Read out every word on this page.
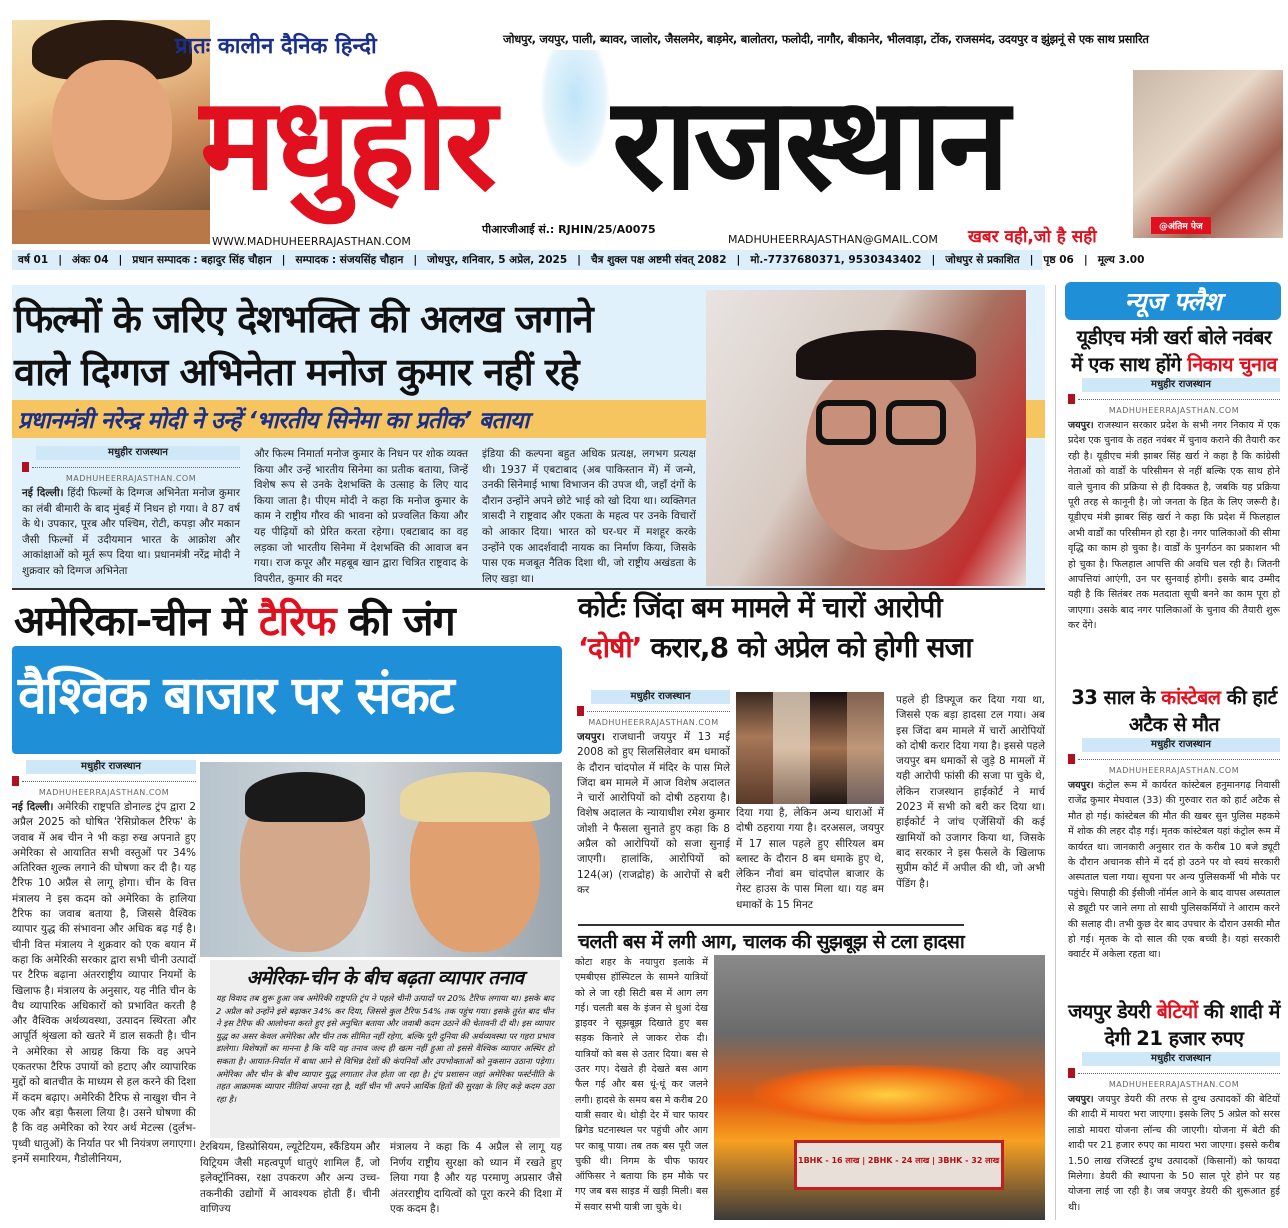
प्रातः कालीन दैनिक हिन्दी	जोधपुर, जयपुर, पाली, ब्यावर, जालोर, जैसलमेर, बाड़मेर, बालोतरा, फलोदी, नागौर, बीकानेर, भीलवाड़ा, टोंक, राजसमंद, उदयपुर व झुंझनूं से एक साथ प्रसारित
मधुहीर राजस्थान
@अंतिम पेज
पीआरजीआई सं.: RJHIN/25/A0075
WWW.MADHUHEERRAJASTHAN.COM	MADHUHEERRAJASTHAN@GMAIL.COM खबर वही,जो है सही
वर्ष 01 | अंकः 04 | प्रधान सम्पादक : बहादुर सिंह चौहान | सम्पादक : संजयसिंह चौहान | जोधपुर, शनिवार, 5 अप्रेल, 2025 | चैत्र शुक्ल पक्ष अष्टमी संवत् 2082 | मो.-7737680371, 9530343402 | जोधपुर से प्रकाशित | पृष्ठ 06 | मूल्य 3.00
फिल्मों के जरिए देशभक्ति की अलख जगाने
वाले दिग्गज अभिनेता मनोज कुमार नहीं रहे
प्रधानमंत्री नरेन्द्र मोदी ने उन्हें ‘भारतीय सिनेमा का प्रतीक’ बताया
मधुहीर राजस्थान
MADHUHEERRAJASTHAN.COM
नई दिल्ली। हिंदी फिल्मों के दिग्गज अभिनेता मनोज कुमार का लंबी बीमारी के बाद मुंबई में निधन हो गया। वे 87 वर्ष के थे। उपकार, पूरब और पश्चिम, रोटी, कपड़ा और मकान जैसी फिल्मों में उदीयमान भारत के आक्रोश और आकांक्षाओं को मूर्त रूप दिया था। प्रधानमंत्री नरेंद्र मोदी ने शुक्रवार को दिग्गज अभिनेता
और फिल्म निमार्ता मनोज कुमार के निधन पर शोक व्यक्त किया और उन्हें भारतीय सिनेमा का प्रतीक बताया, जिन्हें विशेष रूप से उनके देशभक्ति के उत्साह के लिए याद किया जाता है। पीएम मोदी ने कहा कि मनोज कुमार के काम ने राष्ट्रीय गौरव की भावना को प्रज्वलित किया और यह पीढ़ियों को प्रेरित करता रहेगा। एबटाबाद का वह लड़का जो भारतीय सिनेमा में देशभक्ति की आवाज बन गया। राज कपूर और महबूब खान द्वारा चित्रित राष्ट्रवाद के विपरीत, कुमार की मदर
इंडिया की कल्पना बहुत अधिक प्रत्यक्ष, लगभग प्रत्यक्ष थी। 1937 में एबटाबाद (अब पाकिस्तान में) में जन्मे, उनकी सिनेमाई भाषा विभाजन की उपज थी, जहाँ दंगों के दौरान उन्होंने अपने छोटे भाई को खो दिया था। व्यक्तिगत त्रासदी ने राष्ट्रवाद और एकता के महत्व पर उनके विचारों को आकार दिया। भारत को घर-घर में मशहूर करके उन्होंने एक आदर्शवादी नायक का निर्माण किया, जिसके पास एक मजबूत नैतिक दिशा थी, जो राष्ट्रीय अखंडता के लिए खड़ा था।
अमेरिका-चीन में टैरिफ की जंग
वैश्विक बाजार पर संकट
मधुहीर राजस्थान
MADHUHEERRAJASTHAN.COM
नई दिल्ली। अमेरिकी राष्ट्रपति डोनाल्ड ट्रंप द्वारा 2 अप्रैल 2025 को घोषित 'रेसिप्रोकल टैरिफ' के जवाब में अब चीन ने भी कड़ा रुख अपनाते हुए अमेरिका से आयातित सभी वस्तुओं पर 34% अतिरिक्त शुल्क लगाने की घोषणा कर दी है। यह टैरिफ 10 अप्रैल से लागू होगा। चीन के वित्त मंत्रालय ने इस कदम को अमेरिका के हालिया टैरिफ का जवाब बताया है, जिससे वैश्विक व्यापार युद्ध की संभावना और अधिक बढ़ गई है। चीनी वित्त मंत्रालय ने शुक्रवार को एक बयान में कहा कि अमेरिकी सरकार द्वारा सभी चीनी उत्पादों पर टैरिफ बढ़ाना अंतरराष्ट्रीय व्यापार नियमों के खिलाफ है। मंत्रालय के अनुसार, यह नीति चीन के वैध व्यापारिक अधिकारों को प्रभावित करती है और वैश्विक अर्थव्यवस्था, उत्पादन स्थिरता और आपूर्ति श्रृंखला को खतरे में डाल सकती है। चीन ने अमेरिका से आग्रह किया कि वह अपने एकतरफा टैरिफ उपायों को हटाए और व्यापारिक मुद्दों को बातचीत के माध्यम से हल करने की दिशा में कदम बढ़ाए। अमेरिकी टैरिफ से नाखुश चीन ने एक और बड़ा फैसला लिया है। उसने घोषणा की है कि वह अमेरिका को रेयर अर्थ मेटल्स (दुर्लभ-पृथ्वी धातुओं) के निर्यात पर भी नियंत्रण लगाएगा। इनमें समारियम, गैडोलीनियम,
अमेरिका-चीन के बीच बढ़ता व्यापार तनाव
यह विवाद तब शुरू हुआ जब अमेरिकी राष्ट्रपति ट्रंप ने पहले चीनी उत्पादों पर 20% टैरिफ लगाया था। इसके बाद 2 अप्रैल को उन्होंने इसे बढ़ाकर 34% कर दिया, जिससे कुल टैरिफ 54% तक पहुंच गया। इसके तुरंत बाद चीन ने इस टैरिफ की आलोचना करते हुए इसे अनुचित बताया और जवाबी कदम उठाने की चेतावनी दी थी। इस व्यापार युद्ध का असर केवल अमेरिका और चीन तक सीमित नहीं रहेगा, बल्कि पूरी दुनिया की अर्थव्यवस्था पर गहरा प्रभाव डालेगा। विशेषज्ञों का मानना है कि यदि यह तनाव जल्द ही खत्म नहीं हुआ तो इससे वैश्विक व्यापार अस्थिर हो सकता है। आयात-निर्यात में बाधा आने से विभिन्न देशों की कंपनियों और उपभोक्ताओं को नुकसान उठाना पड़ेगा। अमेरिका और चीन के बीच व्यापार युद्ध लगातार तेज होता जा रहा है। ट्रंप प्रशासन जहां अमेरिका फर्स्टनीति के तहत आक्रामक व्यापार नीतियां अपना रहा है, वहीं चीन भी अपने आर्थिक हितों की सुरक्षा के लिए कड़े कदम उठा रहा है।
टेरबियम, डिस्प्रोसियम, ल्यूटेटियम, स्कैंडियम और यिट्रियम जैसी महत्वपूर्ण धातुएं शामिल हैं, जो इलेक्ट्रॉनिक्स, रक्षा उपकरण और अन्य उच्च-तकनीकी उद्योगों में आवश्यक होती हैं। चीनी वाणिज्य
मंत्रालय ने कहा कि 4 अप्रैल से लागू यह निर्णय राष्ट्रीय सुरक्षा को ध्यान में रखते हुए लिया गया है और यह परमाणु अप्रसार जैसे अंतरराष्ट्रीय दायित्वों को पूरा करने की दिशा में एक कदम है।
कोर्टः जिंदा बम मामले में चारों आरोपी
‘दोषी’ करार,8 को अप्रेल को होगी सजा
मधुहीर राजस्थान
MADHUHEERRAJASTHAN.COM
जयपुर। राजधानी जयपुर में 13 मई 2008 को हुए सिलसिलेवार बम धमाकों के दौरान चांदपोल में मंदिर के पास मिले जिंदा बम मामले में आज विशेष अदालत ने चारों आरोपियों को दोषी ठहराया है। विशेष अदालत के न्यायाधीश रमेश कुमार जोशी ने फैसला सुनाते हुए कहा कि 8 अप्रैल को आरोपियों को सजा सुनाई जाएगी। हालांकि, आरोपियों को 124(अ) (राजद्रोह) के आरोपों से बरी कर
दिया गया है, लेकिन अन्य धाराओं में दोषी ठहराया गया है। दरअसल, जयपुर में 17 साल पहले हुए सीरियल बम ब्लास्ट के दौरान 8 बम धमाके हुए थे, लेकिन नौवां बम चांदपोल बाजार के गेस्ट हाउस के पास मिला था। यह बम धमाकों के 15 मिनट
पहले ही डिफ्यूज कर दिया गया था, जिससे एक बड़ा हादसा टल गया। अब इस जिंदा बम मामले में चारों आरोपियों को दोषी करार दिया गया है। इससे पहले जयपुर बम धमाकों से जुड़े 8 मामलों में यही आरोपी फांसी की सजा पा चुके थे, लेकिन राजस्थान हाईकोर्ट ने मार्च 2023 में सभी को बरी कर दिया था। हाईकोर्ट ने जांच एजेंसियों की कई खामियों को उजागर किया था, जिसके बाद सरकार ने इस फैसले के खिलाफ सुप्रीम कोर्ट में अपील की थी, जो अभी पेंडिंग है।
चलती बस में लगी आग, चालक की सुझबूझ से टला हादसा
कोटा शहर के नयापुरा इलाके में एमबीएस हॉस्पिटल के सामने यात्रियों को ले जा रही सिटी बस में आग लग गई। चलती बस के इंजन से धुआं देख ड्राइवर ने सूझबूझ दिखाते हुए बस सड़क किनारे ले जाकर रोक दी। यात्रियों को बस से उतार दिया। बस से उतर गए। देखते ही देखते बस आग फैल गई और बस धूं-धूं कर जलने लगी। हादसे के समय बस मे करीब 20 यात्री सवार थे। थोड़ी देर में चार फायर ब्रिगेड घटनास्थल पर पहुंची और आग पर काबू पाया। तब तक बस पूरी जल चुकी थी। निगम के चीफ फायर ऑफिसर ने बताया कि हम मौके पर गए जब बस साइड में खड़ी मिली। बस में सवार सभी यात्री जा चुके थे।
1BHK - 16 लाख | 2BHK - 24 लाख | 3BHK - 32 लाख
न्यूज फ्लैश
यूडीएच मंत्री खर्रा बोले नवंबर में एक साथ होंगे निकाय चुनाव
मधुहीर राजस्थान
MADHUHEERRAJASTHAN.COM
जयपुर। राजस्थान सरकार प्रदेश के सभी नगर निकाय में एक प्रदेश एक चुनाव के तहत नवंबर में चुनाव कराने की तैयारी कर रही है। यूडीएच मंत्री झाबर सिंह खर्रा ने कहा है कि कांग्रेसी नेताओं को वार्डों के परिसीमन से नहीं बल्कि एक साथ होने वाले चुनाव की प्रक्रिया से ही दिक्कत है, जबकि यह प्रक्रिया पूरी तरह से कानूनी है। जो जनता के हित के लिए जरूरी है। यूडीएच मंत्री झाबर सिंह खर्रा ने कहा कि प्रदेश में फिलहाल अभी वार्डों का परिसीमन हो रहा है। नगर पालिकाओं की सीमा वृद्धि का काम हो चुका है। वार्डों के पुनर्गठन का प्रकाशन भी हो चुका है। फिलहाल आपत्ति की अवधि चल रही है। जितनी आपत्तियां आएंगी, उन पर सुनवाई होगी। इसके बाद उम्मीद यही है कि सितंबर तक मतदाता सूची बनने का काम पूरा हो जाएगा। उसके बाद नगर पालिकाओं के चुनाव की तैयारी शुरू कर देंगे।
33 साल के कांस्टेबल की हार्ट अटैक से मौत
मधुहीर राजस्थान
MADHUHEERRAJASTHAN.COM
जयपुर। कंट्रोल रूम में कार्यरत कांस्टेबल हनुमानगढ़ निवासी राजेंद्र कुमार मेघवाल (33) की गुरुवार रात को हार्ट अटैक से मौत हो गई। कांस्टेबल की मौत की खबर सुन पुलिस महकमे में शोक की लहर दौड़ गई। मृतक कांस्टेबल यहां कंट्रोल रूम में कार्यरत था। जानकारी अनुसार रात के करीब 10 बजे ड्यूटी के दौरान अचानक सीने में दर्द हो उठने पर वो स्वयं सरकारी अस्पताल चला गया। सूचना पर अन्य पुलिसकर्मी भी मौके पर पहुंचे। सिपाही की ईसीजी नॉर्मल आने के बाद वापस अस्पताल से ड्यूटी पर जाने लगा तो साथी पुलिसकर्मियों ने आराम करने की सलाह दी। तभी कुछ देर बाद उपचार के दौरान उसकी मौत हो गई। मृतक के दो साल की एक बच्ची है। यहां सरकारी क्वार्टर में अकेला रहता था।
जयपुर डेयरी बेटियों की शादी में देगी 21 हजार रुपए
मधुहीर राजस्थान
MADHUHEERRAJASTHAN.COM
जयपुर। जयपुर डेयरी की तरफ से दुग्ध उत्पादकों की बेटियों की शादी में मायरा भरा जाएगा। इसके लिए 5 अप्रेल को सरस लाडो मायरा योजना लॉन्च की जाएगी। योजना में बेटी की शादी पर 21 हजार रुपए का मायरा भरा जाएगा। इससे करीब 1.50 लाख रजिस्टर्ड दुग्ध उत्पादकों (किसानों) को फायदा मिलेगा। डेयरी की स्थापना के 50 साल पूरे होने पर यह योजना लाई जा रही है। जब जयपुर डेयरी की शुरूआत हुई थी।
